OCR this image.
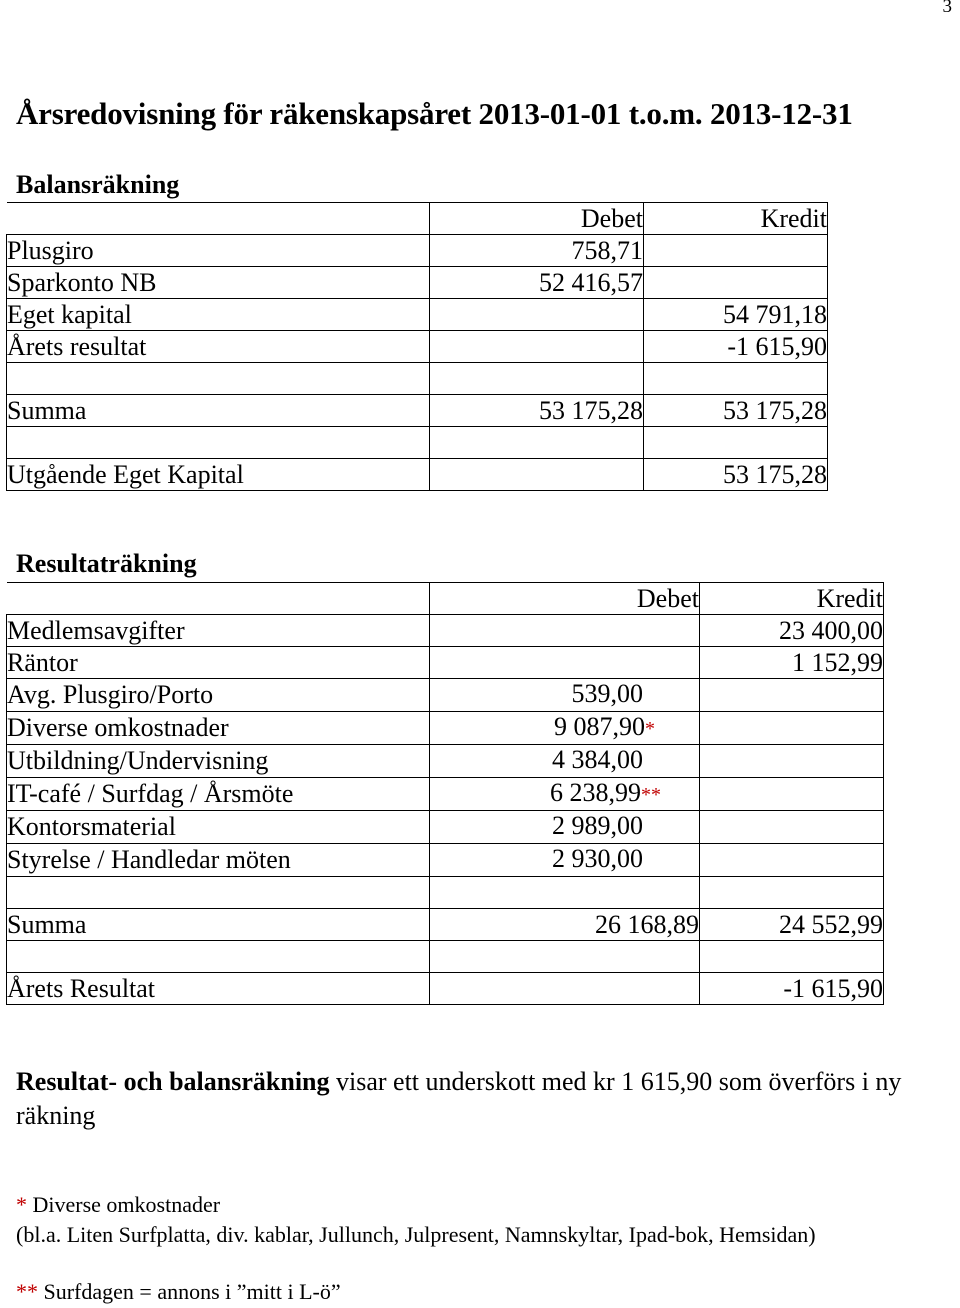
3
Årsredovisning för räkenskapsåret 2013-01-01 t.o.m. 2013-12-31
Balansräkning
	Debet	Kredit
Plusgiro	758,71	
Sparkonto NB	52 416,57	
Eget kapital		54 791,18
Årets resultat		-1 615,90

Summa	53 175,28	53 175,28

Utgående Eget Kapital		53 175,28
Resultaträkning
	Debet	Kredit
Medlemsavgifter		23 400,00
Räntor		1 152,99
Avg. Plusgiro/Porto	539,00	
Diverse omkostnader	9 087,90*	
Utbildning/Undervisning	4 384,00	
IT-café / Surfdag / Årsmöte	6 238,99**	
Kontorsmaterial	2 989,00	
Styrelse / Handledar möten	2 930,00	

Summa	26 168,89	24 552,99

Årets Resultat		-1 615,90
Resultat- och balansräkning visar ett underskott med kr 1 615,90 som överförs i ny räkning
* Diverse omkostnader
(bl.a. Liten Surfplatta, div. kablar, Jullunch, Julpresent, Namnskyltar, Ipad-bok, Hemsidan)
** Surfdagen = annons i ”mitt i L-ö”
